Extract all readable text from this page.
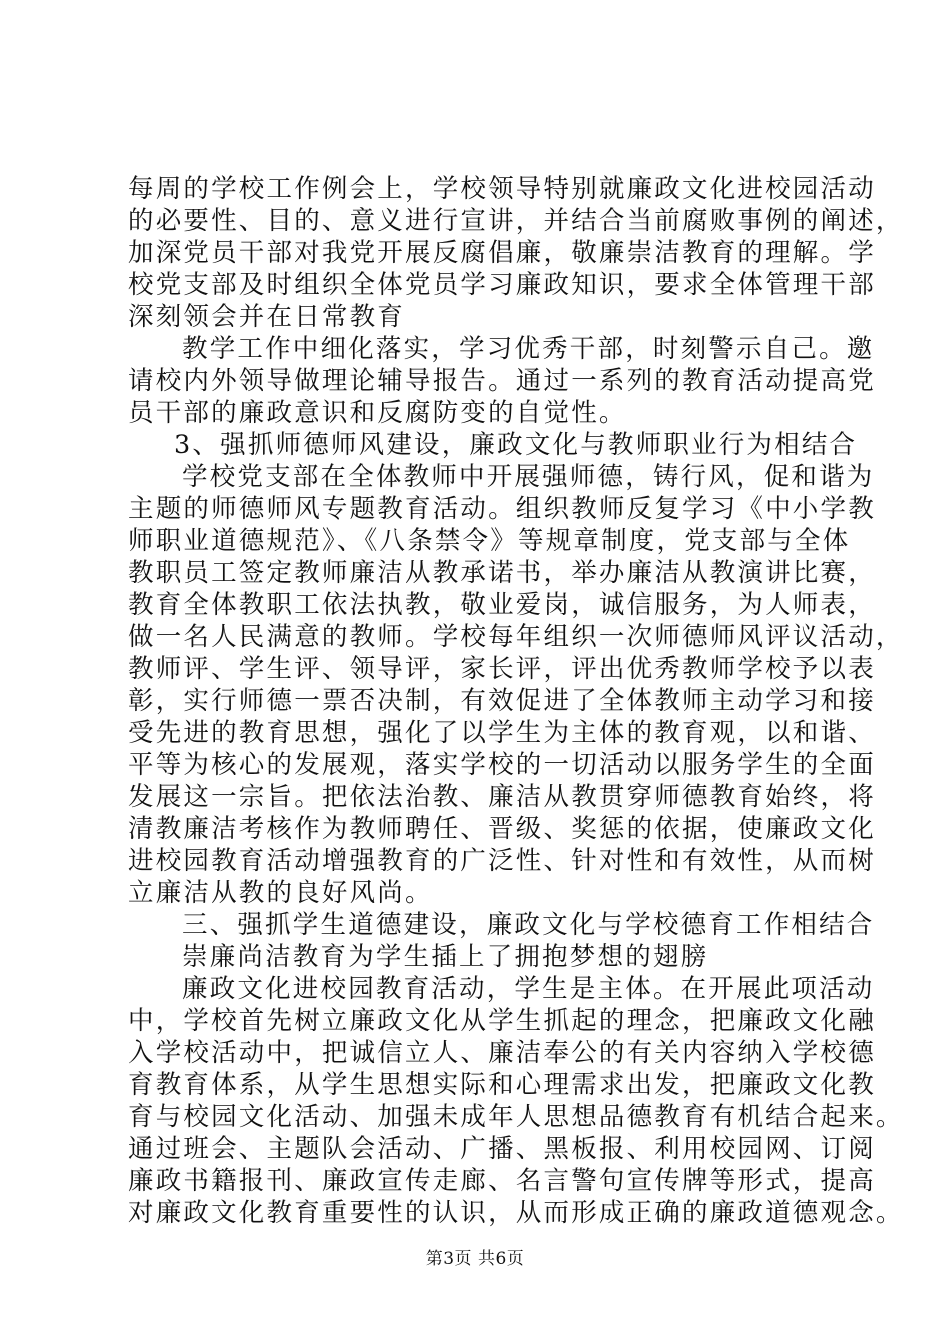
每周的学校工作例会上，学校领导特别就廉政文化进校园活动
的必要性、目的、意义进行宣讲，并结合当前腐败事例的阐述，
加深党员干部对我党开展反腐倡廉，敬廉崇洁教育的理解。学
校党支部及时组织全体党员学习廉政知识，要求全体管理干部
深刻领会并在日常教育
教学工作中细化落实，学习优秀干部，时刻警示自己。邀
请校内外领导做理论辅导报告。通过一系列的教育活动提高党
员干部的廉政意识和反腐防变的自觉性。
3、强抓师德师风建设，廉政文化与教师职业行为相结合
学校党支部在全体教师中开展强师德，铸行风，促和谐为
主题的师德师风专题教育活动。组织教师反复学习《中小学教
师职业道德规范》、《八条禁令》等规章制度，党支部与全体
教职员工签定教师廉洁从教承诺书，举办廉洁从教演讲比赛，
教育全体教职工依法执教，敬业爱岗，诚信服务，为人师表，
做一名人民满意的教师。学校每年组织一次师德师风评议活动，
教师评、学生评、领导评，家长评，评出优秀教师学校予以表
彰，实行师德一票否决制，有效促进了全体教师主动学习和接
受先进的教育思想，强化了以学生为主体的教育观，以和谐、
平等为核心的发展观，落实学校的一切活动以服务学生的全面
发展这一宗旨。把依法治教、廉洁从教贯穿师德教育始终，将
清教廉洁考核作为教师聘任、晋级、奖惩的依据，使廉政文化
进校园教育活动增强教育的广泛性、针对性和有效性，从而树
立廉洁从教的良好风尚。
三、强抓学生道德建设，廉政文化与学校德育工作相结合
崇廉尚洁教育为学生插上了拥抱梦想的翅膀
廉政文化进校园教育活动，学生是主体。在开展此项活动
中，学校首先树立廉政文化从学生抓起的理念，把廉政文化融
入学校活动中，把诚信立人、廉洁奉公的有关内容纳入学校德
育教育体系，从学生思想实际和心理需求出发，把廉政文化教
育与校园文化活动、加强未成年人思想品德教育有机结合起来。
通过班会、主题队会活动、广播、黑板报、利用校园网、订阅
廉政书籍报刊、廉政宣传走廊、名言警句宣传牌等形式，提高
对廉政文化教育重要性的认识，从而形成正确的廉政道德观念。
第3页 共6页
